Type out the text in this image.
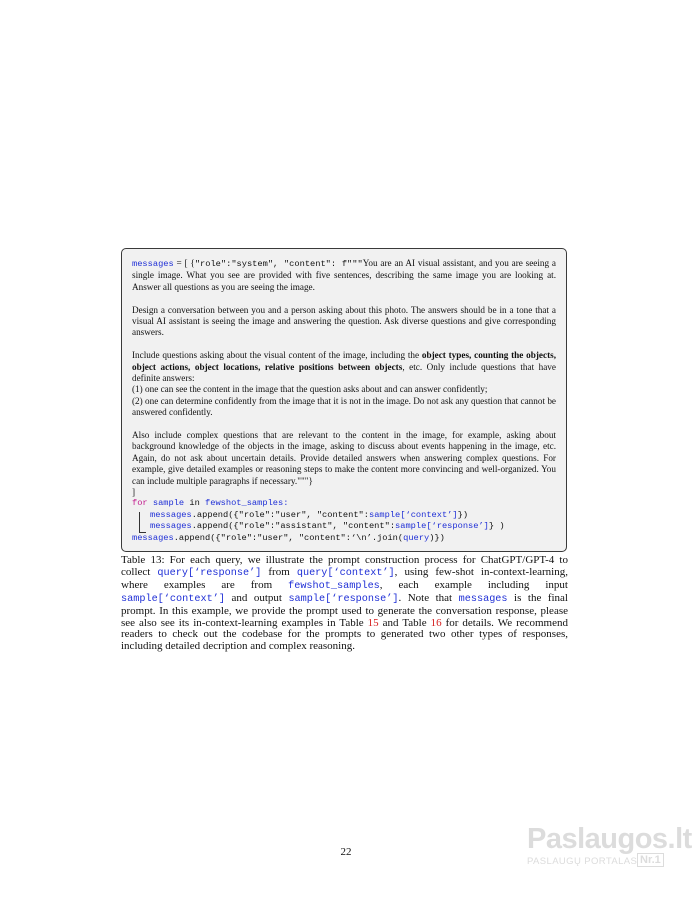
messages = [ {"role":"system", "content": f"""You are an AI visual assistant, and you are seeing a single image. What you see are provided with five sentences, describing the same image you are looking at. Answer all questions as you are seeing the image.

Design a conversation between you and a person asking about this photo. The answers should be in a tone that a visual AI assistant is seeing the image and answering the question. Ask diverse questions and give corresponding answers.

Include questions asking about the visual content of the image, including the object types, counting the objects, object actions, object locations, relative positions between objects, etc. Only include questions that have definite answers:

(1) one can see the content in the image that the question asks about and can answer confidently;

(2) one can determine confidently from the image that it is not in the image. Do not ask any question that cannot be answered confidently.

Also include complex questions that are relevant to the content in the image, for example, asking about background knowledge of the objects in the image, asking to discuss about events happening in the image, etc. Again, do not ask about uncertain details. Provide detailed answers when answering complex questions. For example, give detailed examples or reasoning steps to make the content more convincing and well-organized. You can include multiple paragraphs if necessary."""}

]

for sample in fewshot_samples:

messages.append({"role":"user", "content":sample[‘context’]})

messages.append({"role":"assistant", "content":sample[‘response’]} )

messages.append({"role":"user", "content":‘\n’.join(query)})

Table 13: For each query, we illustrate the prompt construction process for ChatGPT/GPT-4 to collect query[‘response’] from query[‘context’], using few-shot in-context-learning, where examples are from fewshot_samples, each example including input sample[‘context’] and output sample[‘response’]. Note that messages is the final prompt. In this example, we provide the prompt used to generate the conversation response, please see also see its in-context-learning examples in Table 15 and Table 16 for details. We recommend readers to check out the codebase for the prompts to generated two other types of responses, including detailed decription and complex reasoning.
22	Paslaugos.lt
PASLAUGŲ PORTALAS Nr.1
